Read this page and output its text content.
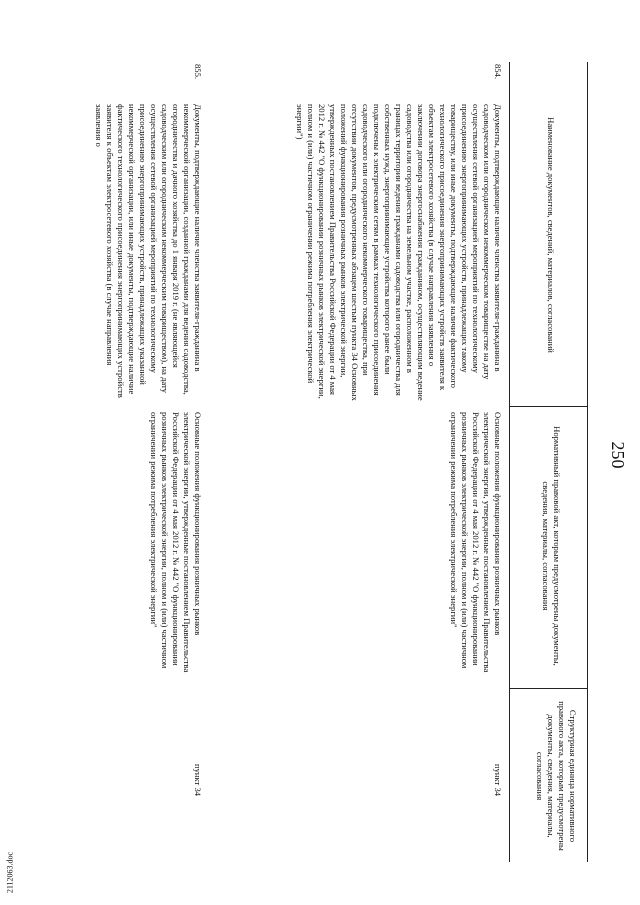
250
Наименование документов, сведений, материалов, согласований
Нормативный правовой акт, которым предусмотрены документы, сведения, материалы, согласования
Структурная единица нормативного правового акта, которым предусмотрены документы, сведения, материалы, согласования
854.
Документы, подтверждающие наличие членства заявителя-гражданина в садоводческом или огородническом некоммерческом товариществе на дату осуществления сетевой организацией мероприятий по технологическому присоединению энергопринимающих устройств, принадлежащих такому товариществу, или иные документы, подтверждающие наличие фактического технологического присоединения энергопринимающих устройств заявителя к объектам электросетевого хозяйства (в случае направления заявления о заключении договора энергоснабжения гражданином, осуществляющим ведение садоводства или огородничества на земельном участке, расположенном в границах территории ведения гражданами садоводства или огородничества для собственных нужд, энергопринимающие устройства которого ранее были подключены к электрическим сетям в рамках технологического присоединения садоводческого или огороднического некоммерческого товарищества, при отсутствии документов, предусмотренных абзацем шестым пункта 34 Основных положений функционирования розничных рынков электрической энергии, утвержденных постановлением Правительства Российской Федерации от 4 мая 2012 г. № 442 "О функционировании розничных рынков электрической энергии, полном и (или) частичном ограничении режима потребления электрической энергии")
Основные положения функционирования розничных рынков электрической энергии, утвержденные постановлением Правительства Российской Федерации от 4 мая 2012 г. № 442 "О функционировании розничных рынков электрической энергии, полном и (или) частичном ограничении режима потребления электрической энергии"
пункт 34
855.
Документы, подтверждающие наличие членства заявителя-гражданина в некоммерческой организации, созданной гражданами для ведения садоводства, огородничества и дачного хозяйства до 1 января 2019 г. (не являющейся садоводческим или огородническим некоммерческим товариществом), на дату осуществления сетевой организацией мероприятий по технологическому присоединению энергопринимающих устройств, принадлежащих указанной некоммерческой организации, или иные документы, подтверждающие наличие фактического технологического присоединения энергопринимающих устройств заявителя к объектам электросетевого хозяйства (в случае направления заявления о
Основные положения функционирования розничных рынков электрической энергии, утвержденные постановлением Правительства Российской Федерации от 4 мая 2012 г. № 442 "О функционировании розничных рынков электрической энергии, полном и (или) частичном ограничении режима потребления электрической энергии"
пункт 34
2112063.doc
